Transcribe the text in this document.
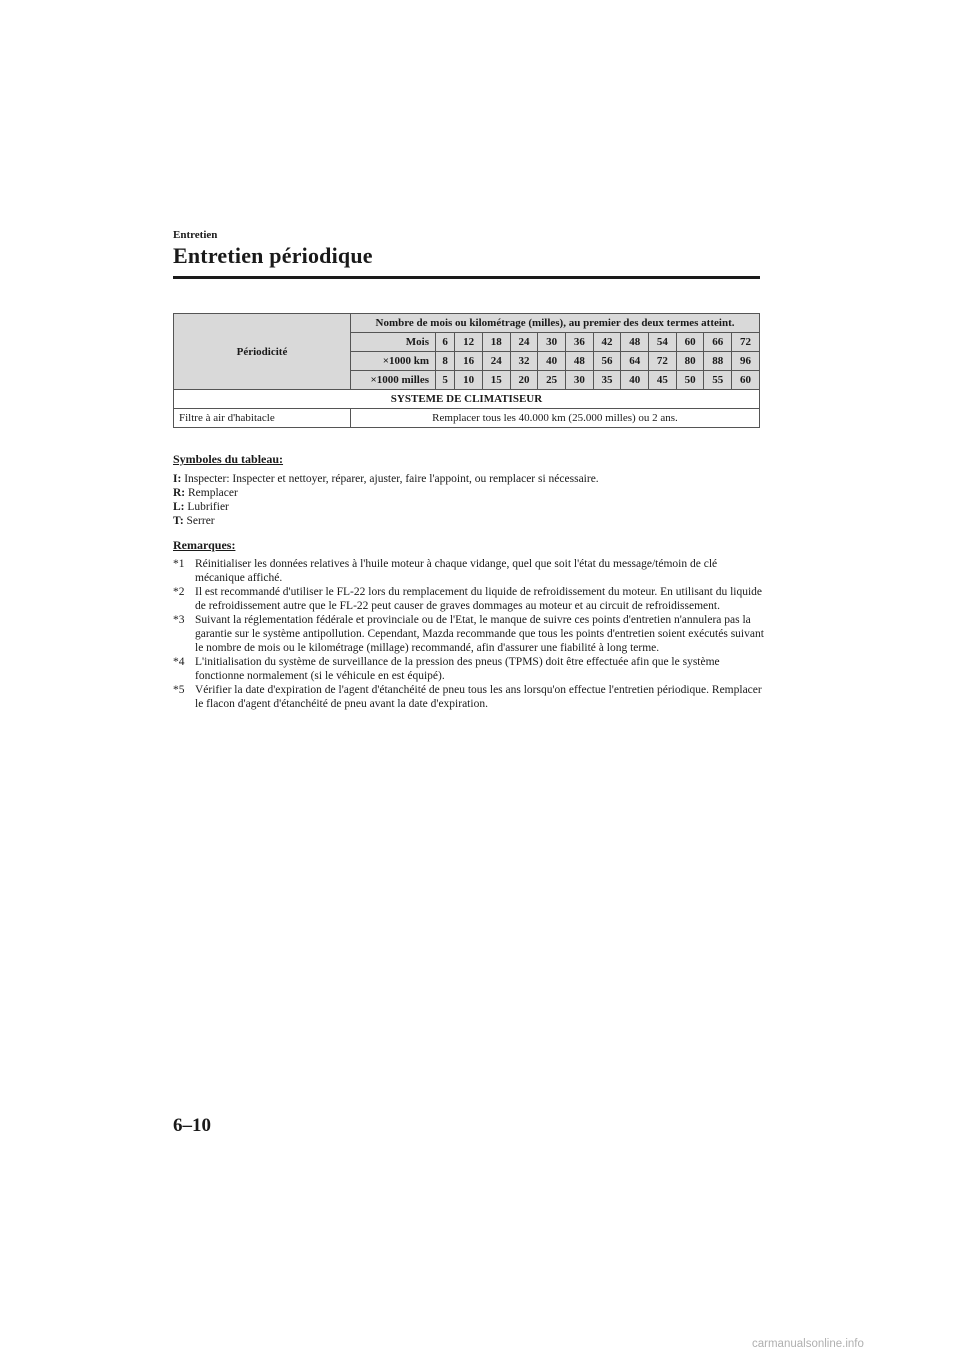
Entretien
Entretien périodique
Périodicité	Nombre de mois ou kilométrage (milles), au premier des deux termes atteint.												
	Mois	6	12	18	24	30	36	42	48	54	60	66	72
	×1000 km	8	16	24	32	40	48	56	64	72	80	88	96
	×1000 milles	5	10	15	20	25	30	35	40	45	50	55	60
SYSTEME DE CLIMATISEUR													
Filtre à air d'habitacle	Remplacer tous les 40.000 km (25.000 milles) ou 2 ans.												
Symboles du tableau:
I: Inspecter: Inspecter et nettoyer, réparer, ajuster, faire l'appoint, ou remplacer si nécessaire.
R: Remplacer
L: Lubrifier
T: Serrer
Remarques:
*1 Réinitialiser les données relatives à l'huile moteur à chaque vidange, quel que soit l'état du message/témoin de clé mécanique affiché.
*2 Il est recommandé d'utiliser le FL-22 lors du remplacement du liquide de refroidissement du moteur. En utilisant du liquide de refroidissement autre que le FL-22 peut causer de graves dommages au moteur et au circuit de refroidissement.
*3 Suivant la réglementation fédérale et provinciale ou de l'Etat, le manque de suivre ces points d'entretien n'annulera pas la garantie sur le système antipollution. Cependant, Mazda recommande que tous les points d'entretien soient exécutés suivant le nombre de mois ou le kilométrage (millage) recommandé, afin d'assurer une fiabilité à long terme.
*4 L'initialisation du système de surveillance de la pression des pneus (TPMS) doit être effectuée afin que le système fonctionne normalement (si le véhicule en est équipé).
*5 Vérifier la date d'expiration de l'agent d'étanchéité de pneu tous les ans lorsqu'on effectue l'entretien périodique. Remplacer le flacon d'agent d'étanchéité de pneu avant la date d'expiration.
6–10
carmanualsonline.info
